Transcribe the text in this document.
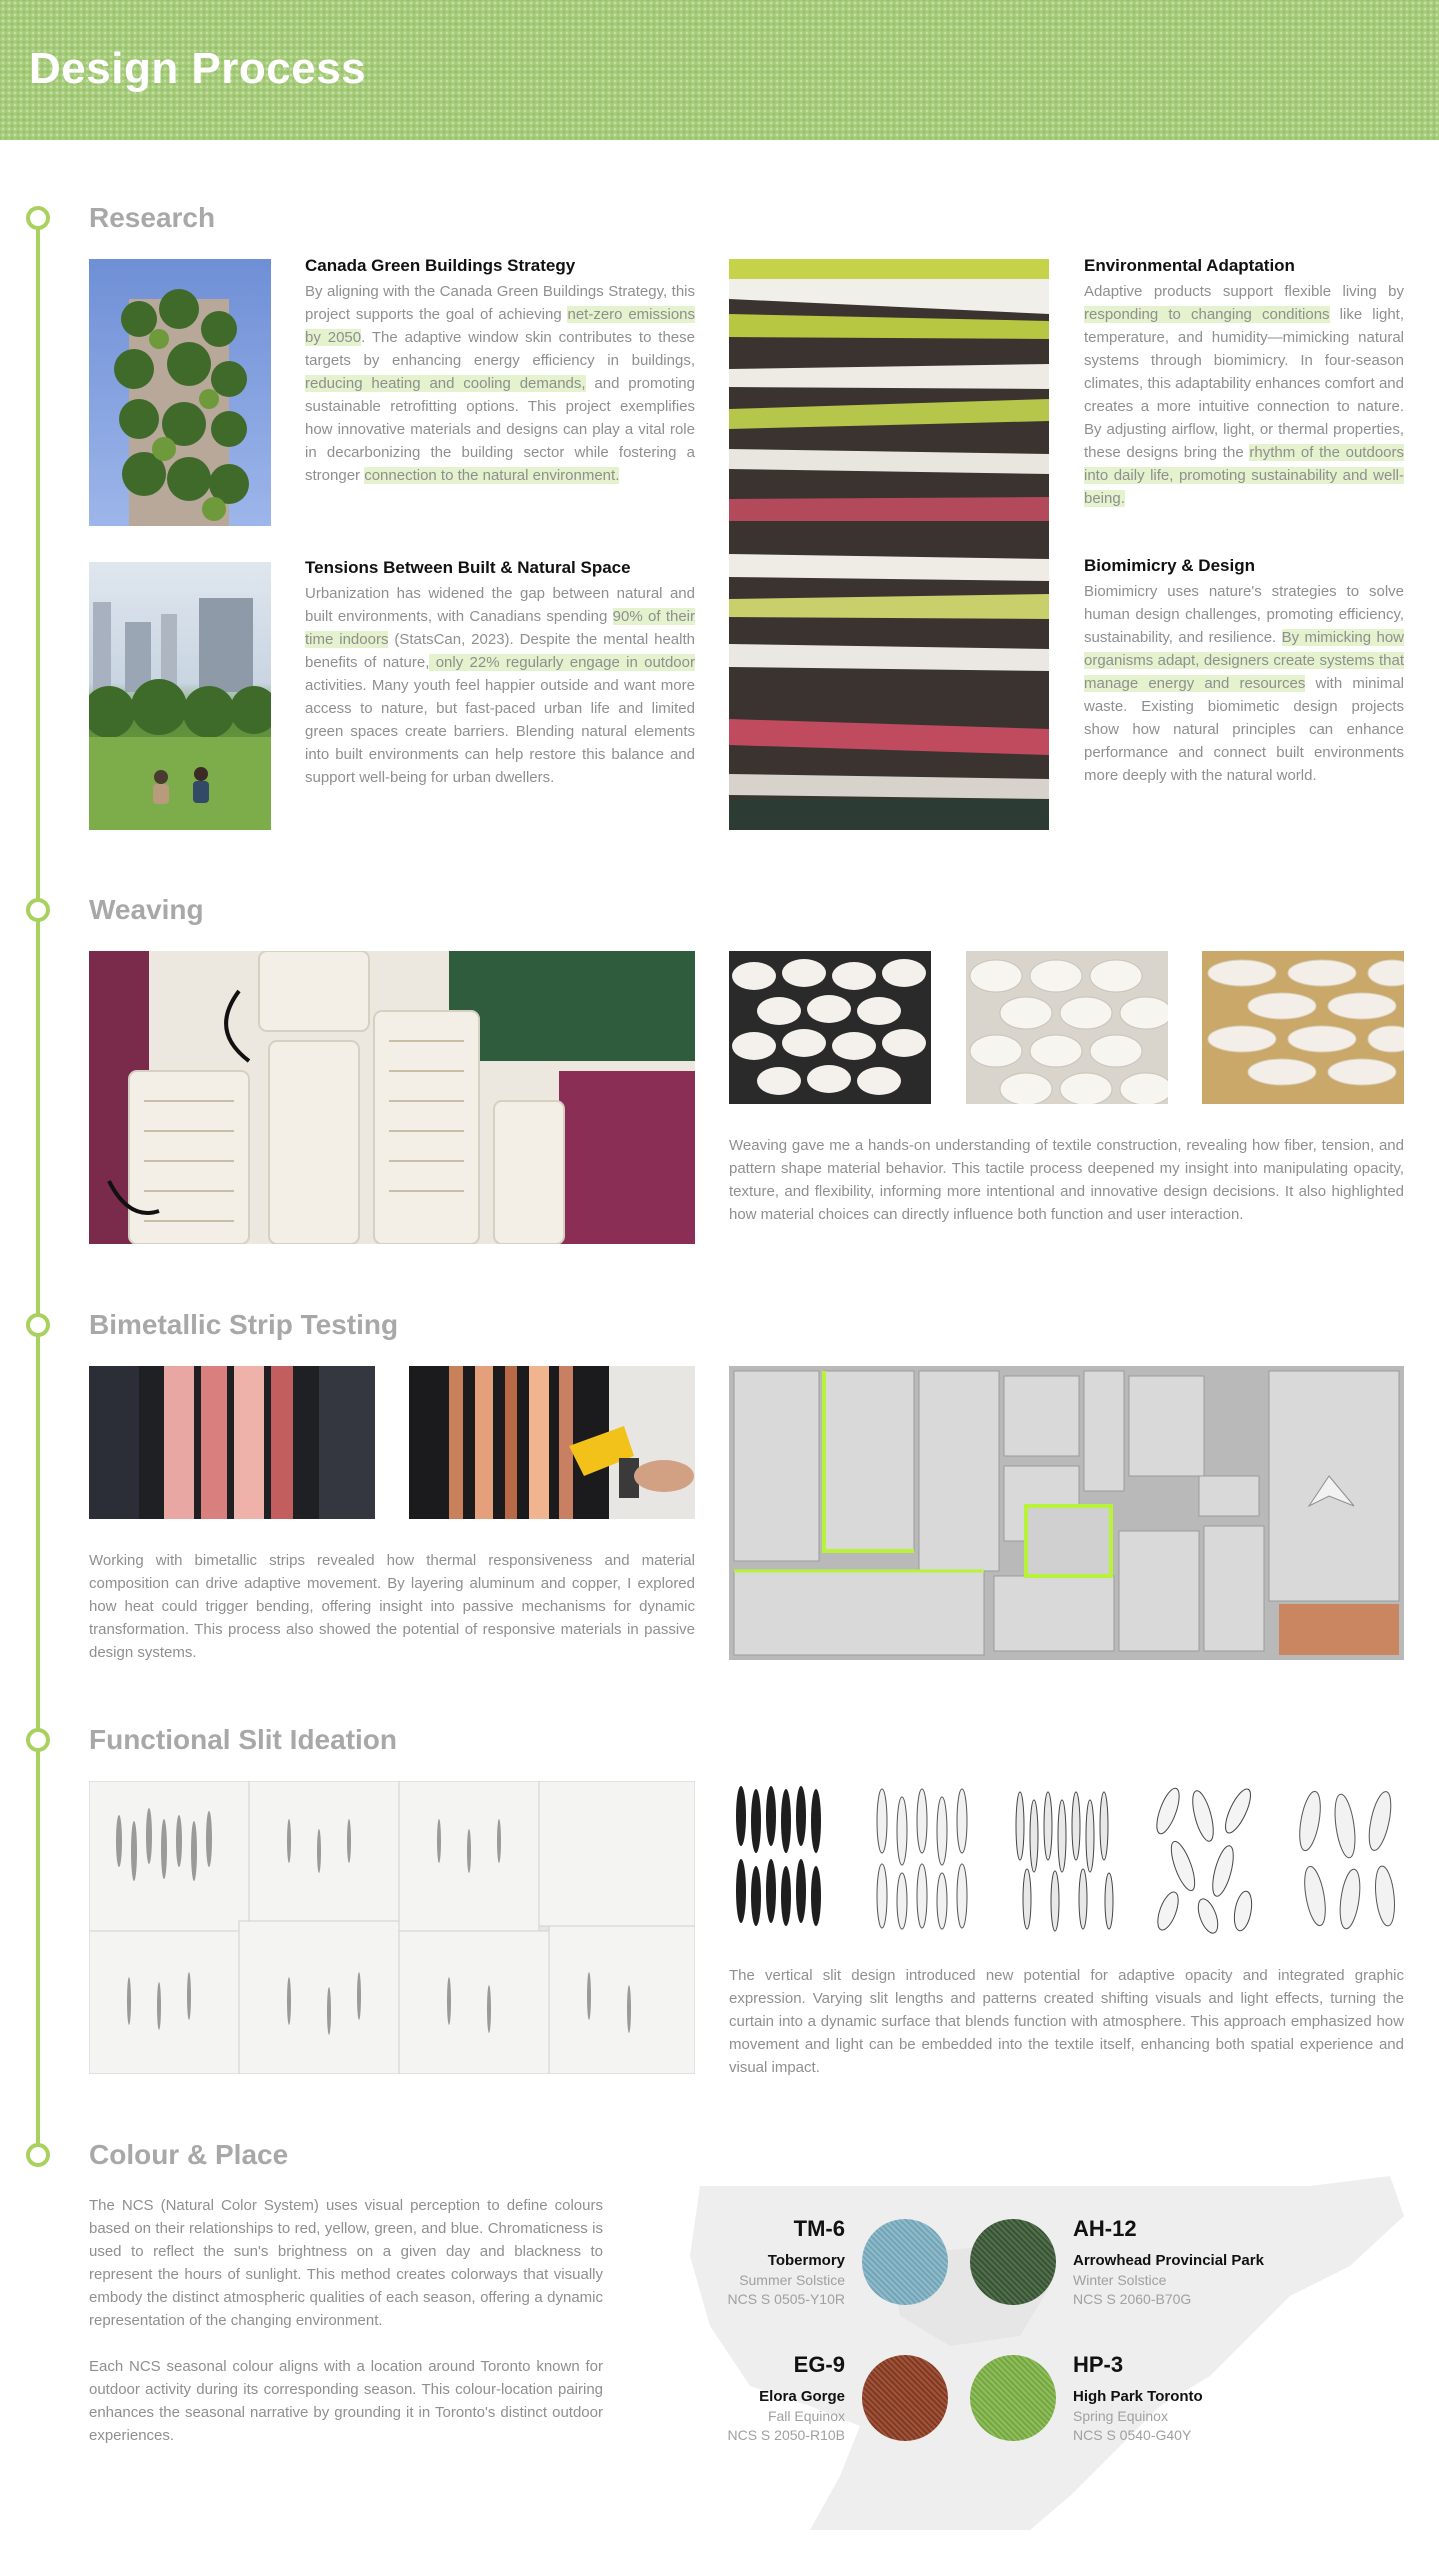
Design Process
Research
Canada Green Buildings Strategy

By aligning with the Canada Green Buildings Strategy, this project supports the goal of achieving net-zero emissions by 2050. The adaptive window skin contributes to these targets by enhancing energy efficiency in buildings, reducing heating and cooling demands, and promoting sustainable retrofitting options. This project exemplifies how innovative materials and designs can play a vital role in decarbonizing the building sector while fostering a stronger connection to the natural environment.

Tensions Between Built & Natural Space

Urbanization has widened the gap between natural and built environments, with Canadians spending 90% of their time indoors (StatsCan, 2023). Despite the mental health benefits of nature, only 22% regularly engage in outdoor activities. Many youth feel happier outside and want more access to nature, but fast-paced urban life and limited green spaces create barriers. Blending natural elements into built environments can help restore this balance and support well-being for urban dwellers.

Environmental Adaptation

Adaptive products support flexible living by responding to changing conditions like light, temperature, and humidity—mimicking natural systems through biomimicry. In four-season climates, this adaptability enhances comfort and creates a more intuitive connection to nature. By adjusting airflow, light, or thermal properties, these designs bring the rhythm of the outdoors into daily life, promoting sustainability and well-being.

Biomimicry & Design

Biomimicry uses nature's strategies to solve human design challenges, promoting efficiency, sustainability, and resilience. By mimicking how organisms adapt, designers create systems that manage energy and resources with minimal waste. Existing biomimetic design projects show how natural principles can enhance performance and connect built environments more deeply with the natural world.

Weaving

Weaving gave me a hands-on understanding of textile construction, revealing how fiber, tension, and pattern shape material behavior. This tactile process deepened my insight into manipulating opacity, texture, and flexibility, informing more intentional and innovative design decisions. It also highlighted how material choices can directly influence both function and user interaction.

Bimetallic Strip Testing

Working with bimetallic strips revealed how thermal responsiveness and material composition can drive adaptive movement. By layering aluminum and copper, I explored how heat could trigger bending, offering insight into passive mechanisms for dynamic transformation. This process also showed the potential of responsive materials in passive design systems.

Functional Slit Ideation

The vertical slit design introduced new potential for adaptive opacity and integrated graphic expression. Varying slit lengths and patterns created shifting visuals and light effects, turning the curtain into a dynamic surface that blends function with atmosphere. This approach emphasized how movement and light can be embedded into the textile itself, enhancing both spatial experience and visual impact.

Colour & Place

The NCS (Natural Color System) uses visual perception to define colours based on their relationships to red, yellow, green, and blue. Chromaticness is used to reflect the sun's brightness on a given day and blackness to represent the hours of sunlight. This method creates colorways that visually embody the distinct atmospheric qualities of each season, offering a dynamic representation of the changing environment.

Each NCS seasonal colour aligns with a location around Toronto known for outdoor activity during its corresponding season. This colour-location pairing enhances the seasonal narrative by grounding it in Toronto's distinct outdoor experiences.

TM-6

Tobermory

Summer Solstice

NCS S 0505-Y10R

AH-12

Arrowhead Provincial Park

Winter Solstice

NCS S 2060-B70G

EG-9

Elora Gorge

Fall Equinox

NCS S 2050-R10B

HP-3

High Park Toronto

Spring Equinox

NCS S 0540-G40Y
